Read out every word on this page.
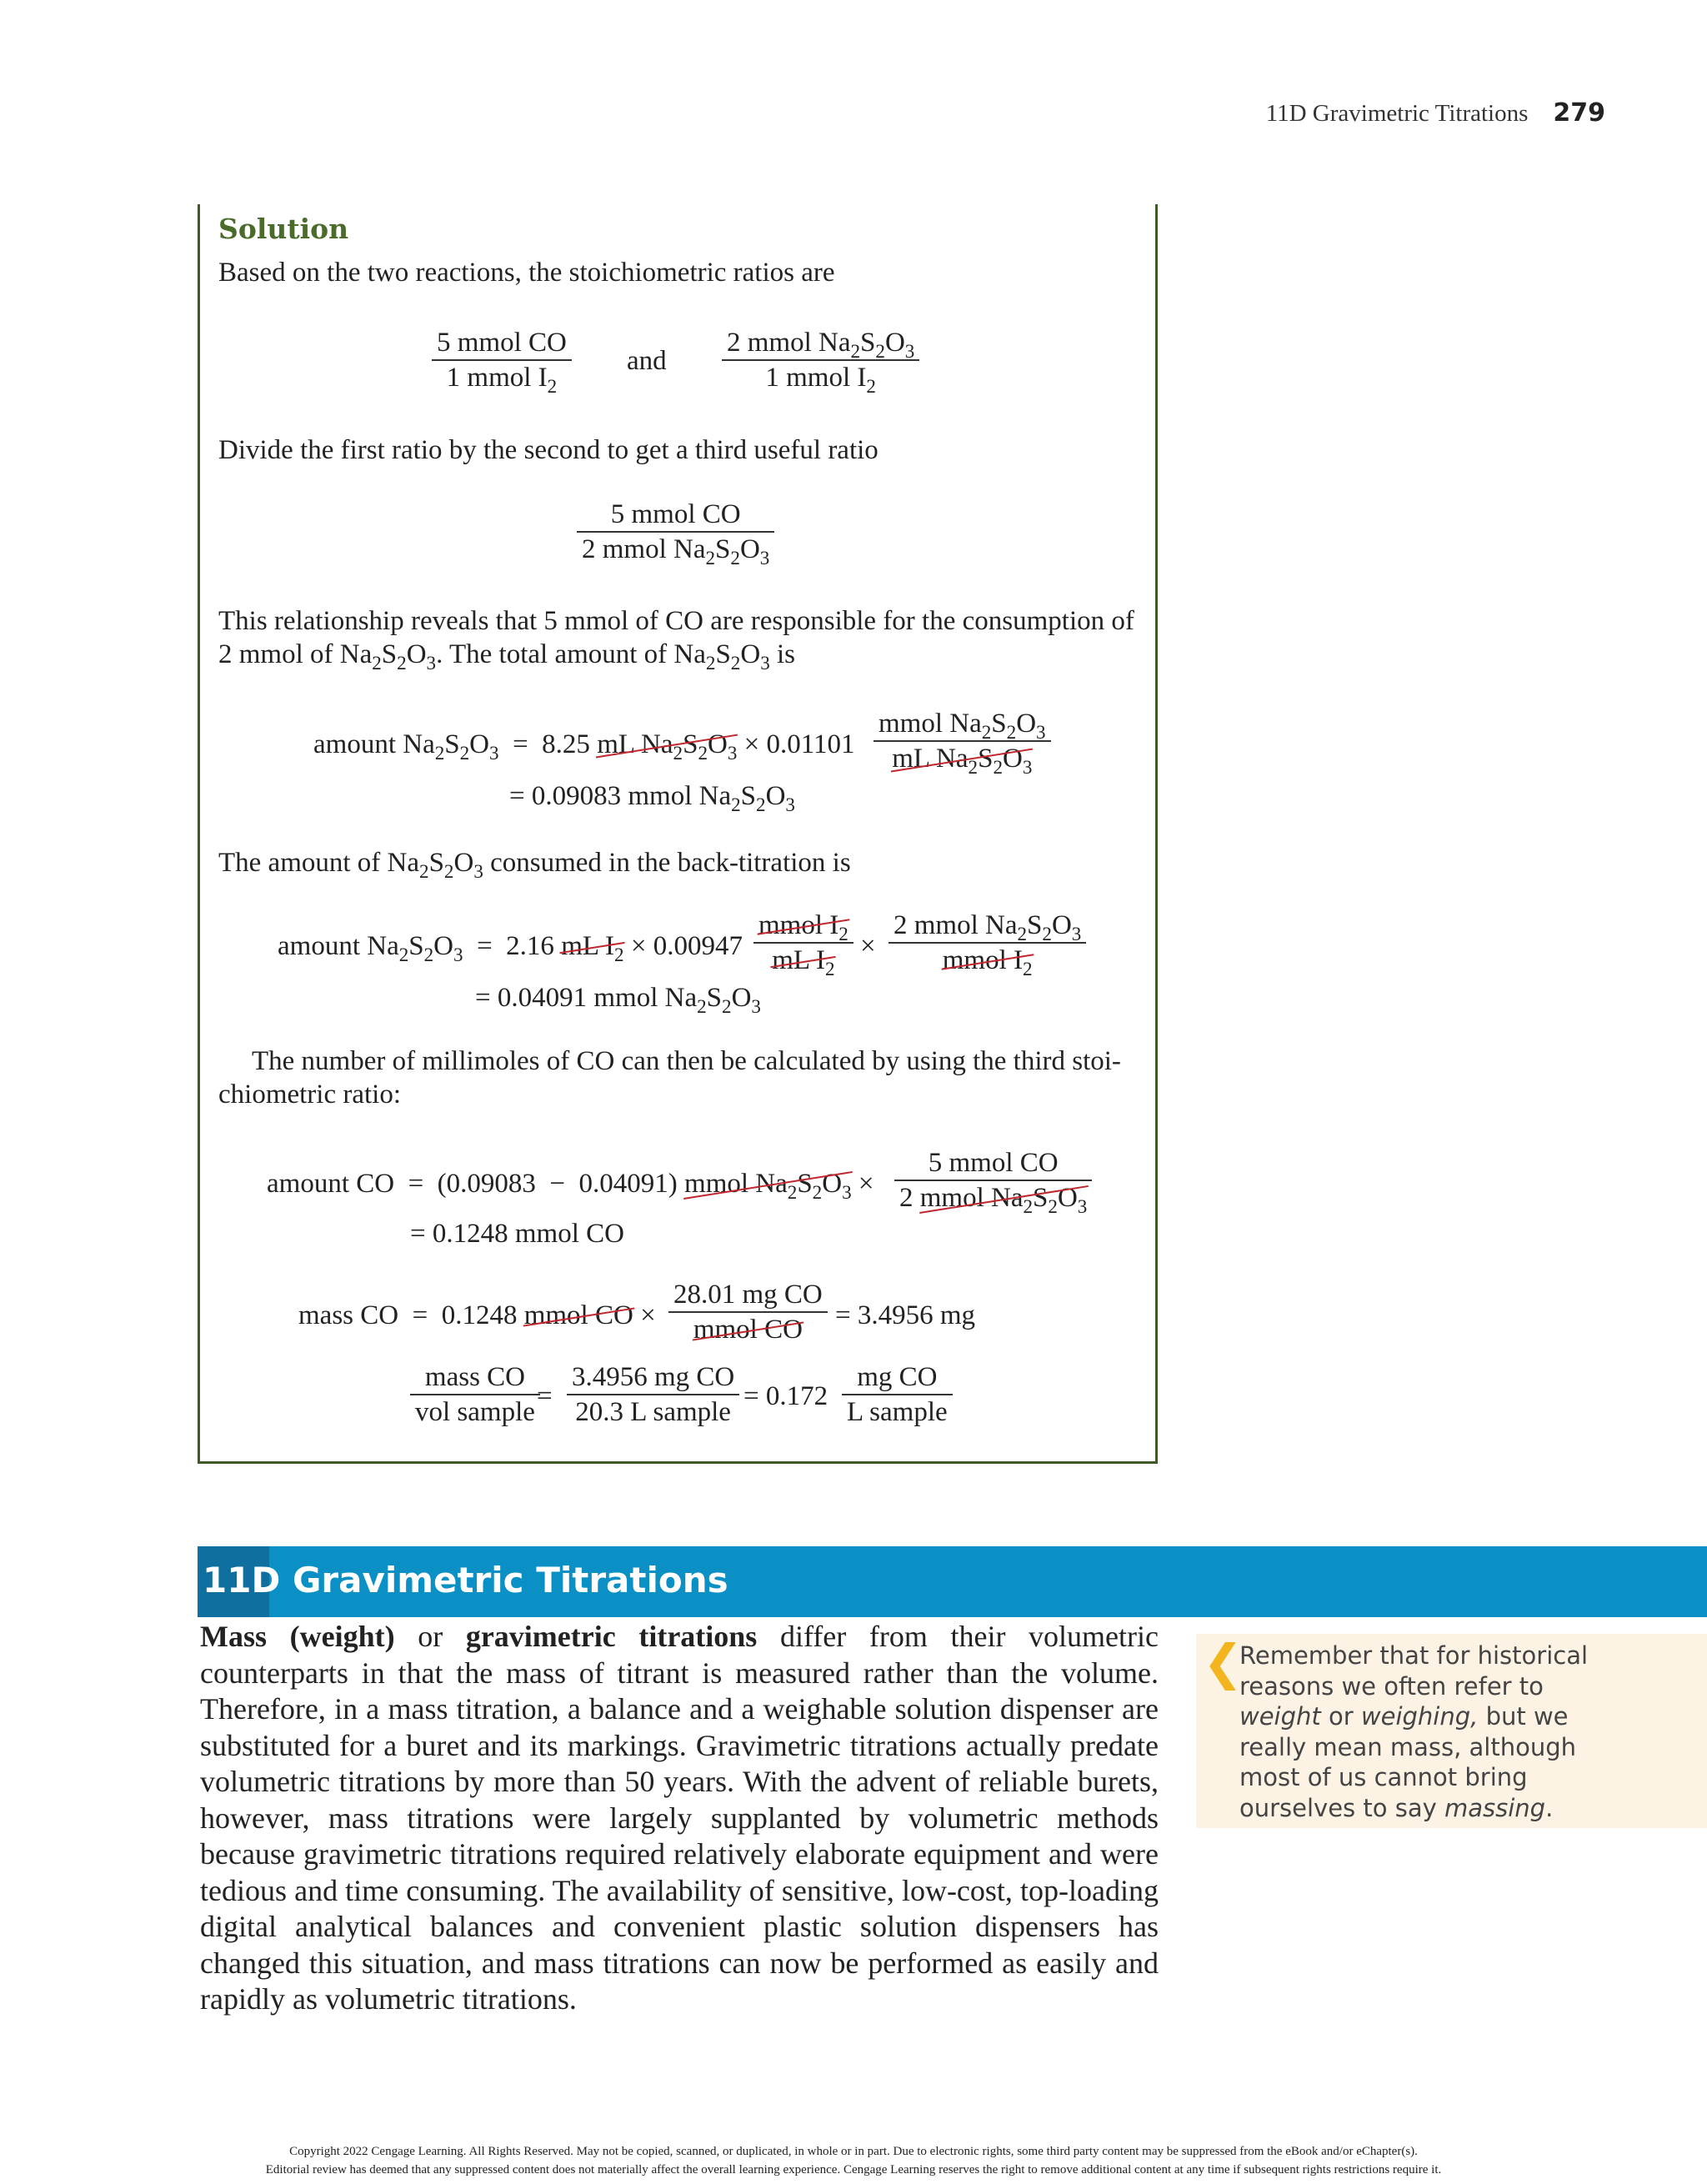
11D Gravimetric Titrations 279
Solution
Based on the two reactions, the stoichiometric ratios are
5 mmol CO
1 mmol $I_2$
and
2 mmol $Na_2S_2O_3$
1 mmol $I_2$
Divide the first ratio by the second to get a third useful ratio
5 mmol CO
2 mmol $Na_2S_2O_3$
This relationship reveals that 5 mmol of CO are responsible for the consumption of
2 mmol of $Na_2S_2O_3$. The total amount of $Na_2S_2O_3$ is
amount $Na_2S_2O_3 = 8.25$ mL $Na_2S_2O_3 \times 0.01101$
mmol $Na_2S_2O_3$
mL $Na_2S_2O_3$
= 0.09083 mmol $Na_2S_2O_3$
The amount of $Na_2S_2O_3$ consumed in the back-titration is
amount $Na_2S_2O_3 = 2.16$ mL $I_2 \times 0.00947$
mmol $I_2$
mL $I_2$
×
2 mmol $Na_2S_2O_3$
mmol $I_2$
= 0.04091 mmol $Na_2S_2O_3$
The number of millimoles of CO can then be calculated by using the third stoi-
chiometric ratio:
amount CO  =  (0.09083  −  0.04091) mmol $Na_2S_2O_3$ ×
5 mmol CO
2 mmol $Na_2S_2O_3$
= 0.1248 mmol CO
mass CO  =  0.1248 mmol CO ×
28.01 mg CO
mmol CO	= 3.4956 mg
mass CO
vol sample
=
3.4956 mg CO
20.3 L sample
= 0.172
mg CO
L sample
11D Gravimetric Titrations
Mass (weight) or gravimetric titrations differ from their volumetric counterparts in that the mass of titrant is measured rather than the volume. Therefore, in a mass titration, a balance and a weighable solution dispenser are substituted for a buret and its markings. Gravimetric titrations actually predate volumetric titrations by more than 50 years. With the advent of reliable burets, however, mass titrations were largely supplanted by volumetric methods because gravimetric titrations required relatively elaborate equipment and were tedious and time consuming. The availability of sensitive, low-cost, top-loading digital analytical balances and convenient plastic solution dispensers has changed this situation, and mass titrations can now be performed as easily and rapidly as volumetric titrations.
❮
Remember that for historical reasons we often refer to weight or weighing, but we really mean mass, although most of us cannot bring ourselves to say massing.
Copyright 2022 Cengage Learning. All Rights Reserved. May not be copied, scanned, or duplicated, in whole or in part. Due to electronic rights, some third party content may be suppressed from the eBook and/or eChapter(s).
Editorial review has deemed that any suppressed content does not materially affect the overall learning experience. Cengage Learning reserves the right to remove additional content at any time if subsequent rights restrictions require it.
